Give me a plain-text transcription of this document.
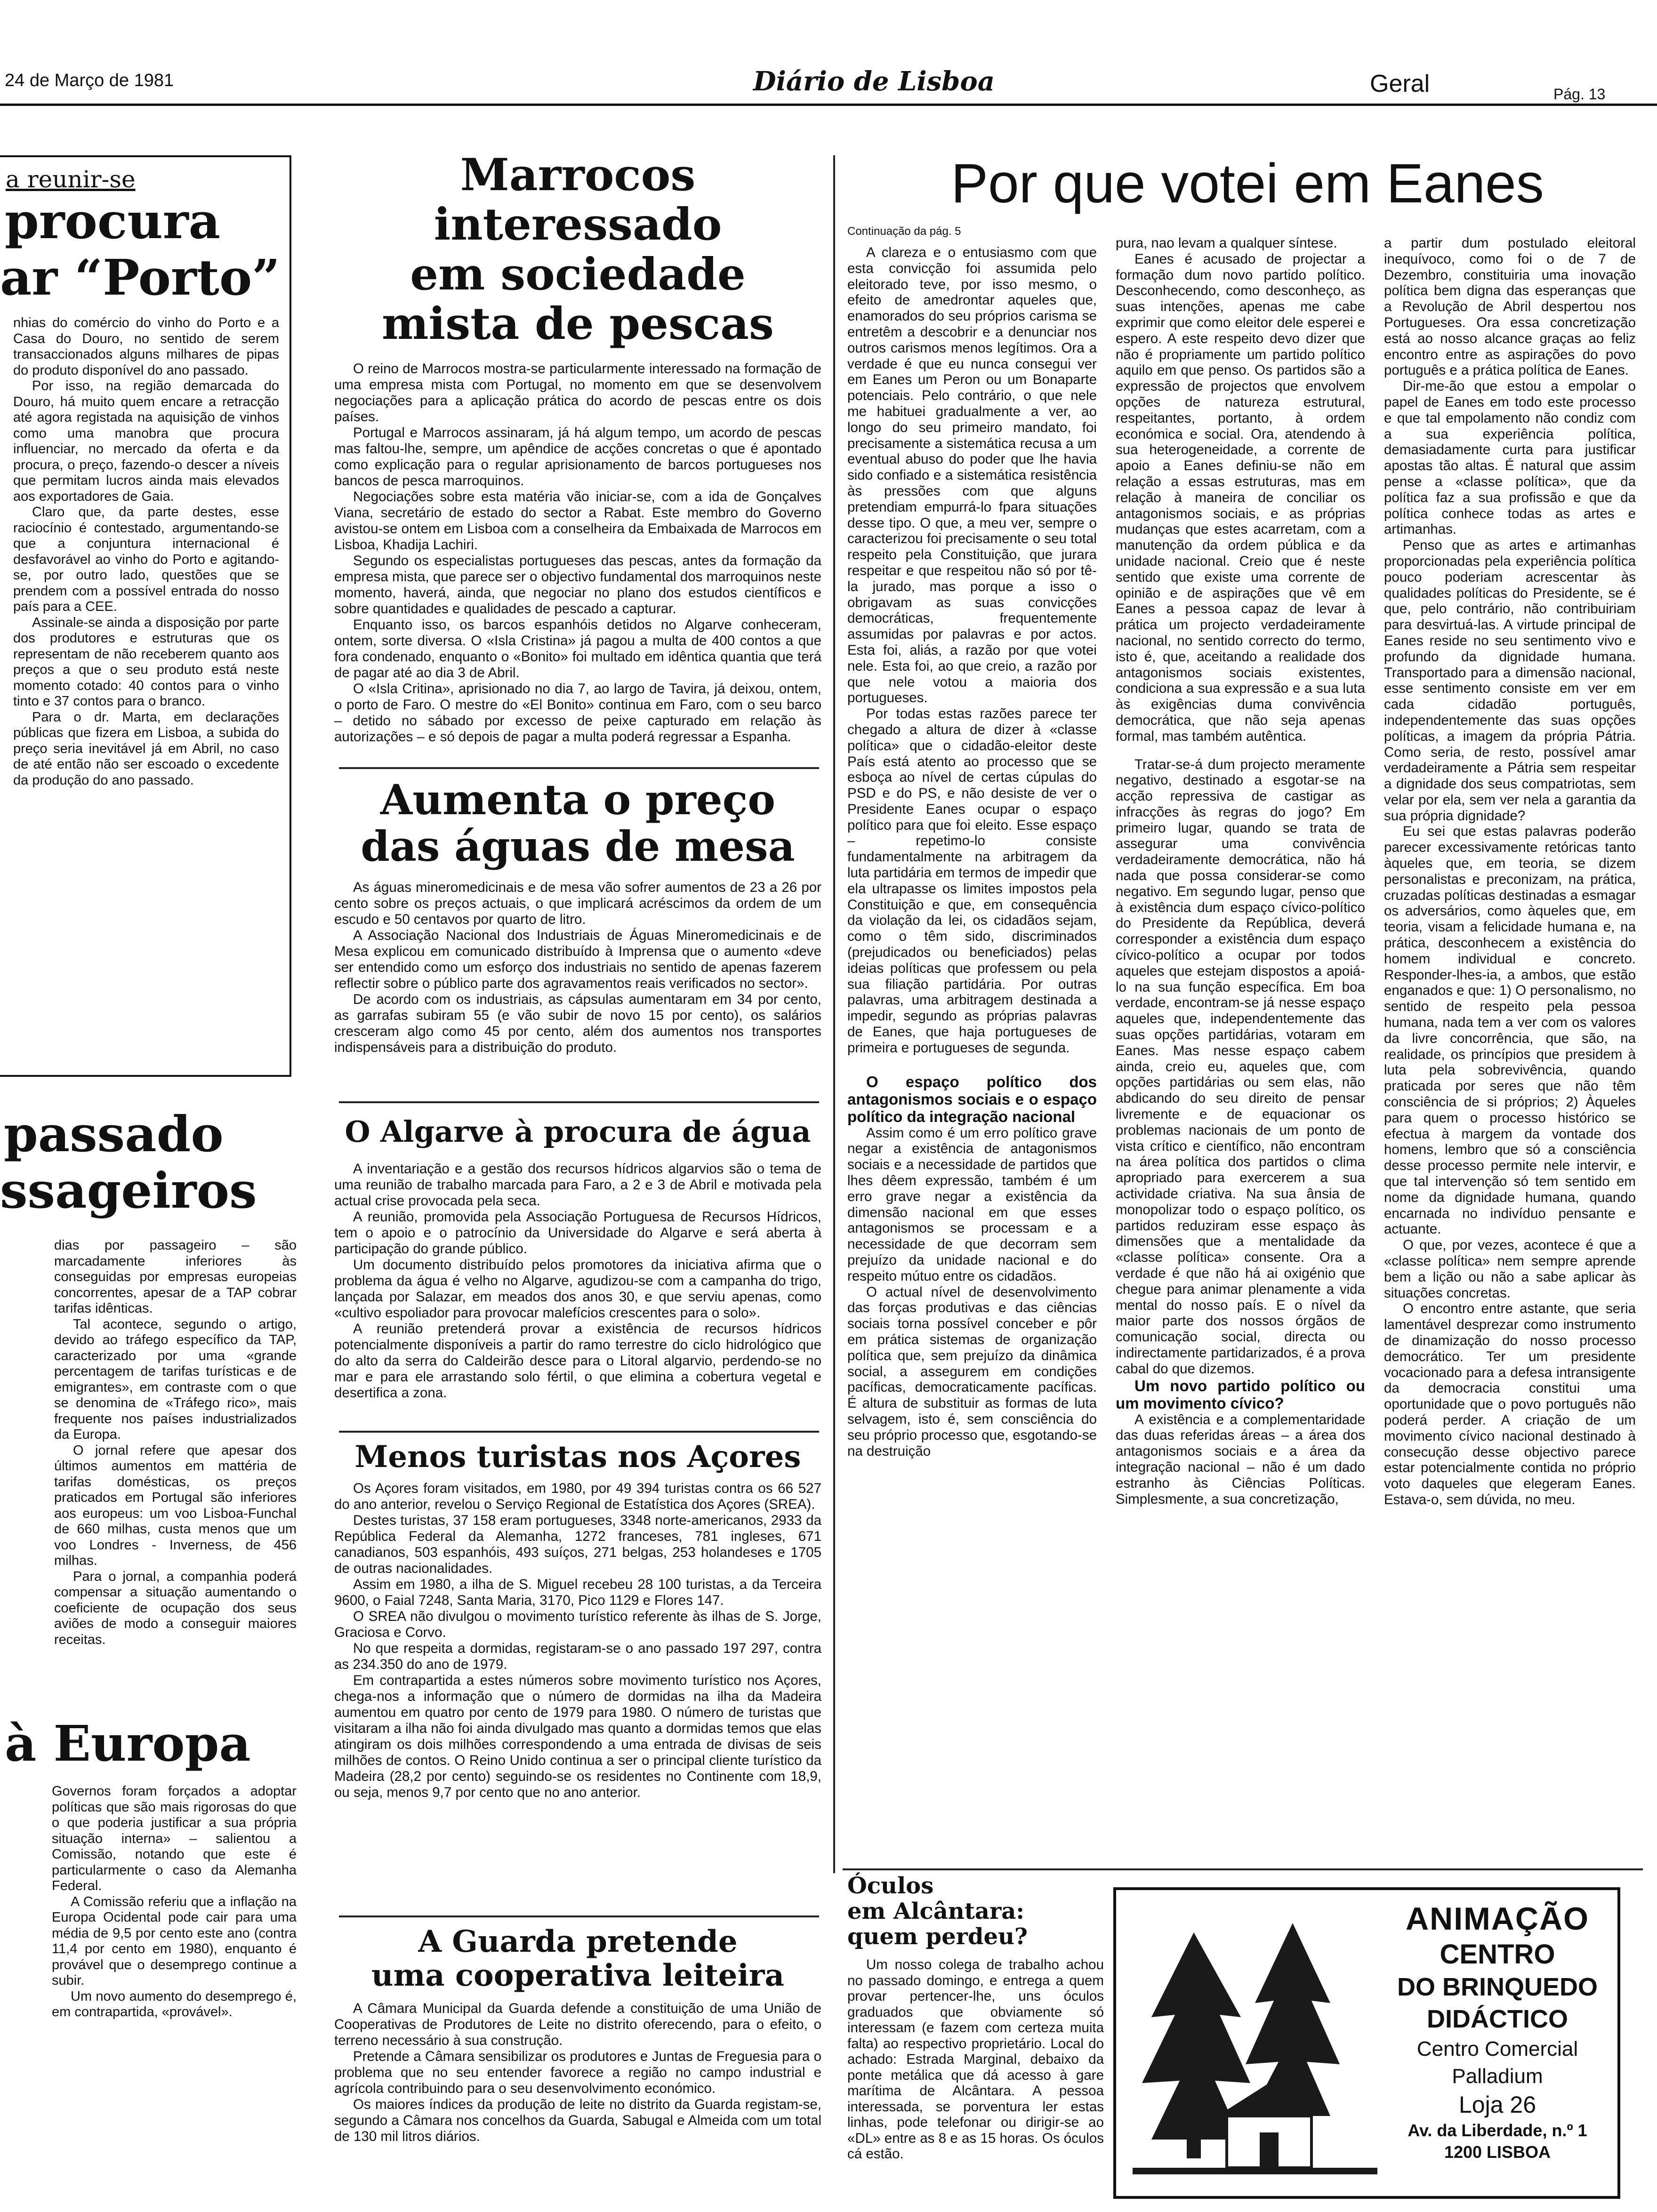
24 de Março de 1981	Diário de Lisboa	Geral	Pág. 13
a reunir-se
procura
ar “Porto”

nhias do comércio do vinho do Porto e a Casa do Douro, no sentido de serem transaccionados alguns milhares de pipas do produto disponível do ano passado.

Por isso, na região demarcada do Douro, há muito quem encare a retracção até agora registada na aquisição de vinhos como uma manobra que procura influenciar, no mercado da oferta e da procura, o preço, fazendo-o descer a níveis que permitam lucros ainda mais elevados aos exportadores de Gaia.

Claro que, da parte destes, esse raciocínio é contestado, argumentando-se que a conjuntura internacional é desfavorável ao vinho do Porto e agitando-se, por outro lado, questões que se prendem com a possível entrada do nosso país para a CEE.

Assinale-se ainda a disposição por parte dos produtores e estruturas que os representam de não receberem quanto aos preços a que o seu produto está neste momento cotado: 40 contos para o vinho tinto e 37 contos para o branco.

Para o dr. Marta, em declarações públicas que fizera em Lisboa, a subida do preço seria inevitável já em Abril, no caso de até então não ser escoado o excedente da produção do ano passado.

passado
ssageiros

dias por passageiro – são marcadamente inferiores às conseguidas por empresas europeias concorrentes, apesar de a TAP cobrar tarifas idênticas.

Tal acontece, segundo o artigo, devido ao tráfego específico da TAP, caracterizado por uma «grande percentagem de tarifas turísticas e de emigrantes», em contraste com o que se denomina de «Tráfego rico», mais frequente nos países industrializados da Europa.

O jornal refere que apesar dos últimos aumentos em mattéria de tarifas domésticas, os preços praticados em Portugal são inferiores aos europeus: um voo Lisboa-Funchal de 660 milhas, custa menos que um voo Londres - Inverness, de 456 milhas.

Para o jornal, a companhia poderá compensar a situação aumentando o coeficiente de ocupação dos seus aviões de modo a conseguir maiores receitas.

à Europa

Governos foram forçados a adoptar políticas que são mais rigorosas do que o que poderia justificar a sua própria situação interna» – salientou a Comissão, notando que este é particularmente o caso da Alemanha Federal.

A Comissão referiu que a inflação na Europa Ocidental pode cair para uma média de 9,5 por cento este ano (contra 11,4 por cento em 1980), enquanto é provável que o desemprego continue a subir.

Um novo aumento do desemprego é, em contrapartida, «provável».

Marrocos interessado
em sociedade
mista de pescas

O reino de Marrocos mostra-se particularmente interessado na formação de uma empresa mista com Portugal, no momento em que se desenvolvem negociações para a aplicação prática do acordo de pescas entre os dois países.

Portugal e Marrocos assinaram, já há algum tempo, um acordo de pescas mas faltou-lhe, sempre, um apêndice de acções concretas o que é apontado como explicação para o regular aprisionamento de barcos portugueses nos bancos de pesca marroquinos.

Negociações sobre esta matéria vão iniciar-se, com a ida de Gonçalves Viana, secretário de estado do sector a Rabat. Este membro do Governo avistou-se ontem em Lisboa com a conselheira da Embaixada de Marrocos em Lisboa, Khadija Lachiri.

Segundo os especialistas portugueses das pescas, antes da formação da empresa mista, que parece ser o objectivo fundamental dos marroquinos neste momento, haverá, ainda, que negociar no plano dos estudos científicos e sobre quantidades e qualidades de pescado a capturar.

Enquanto isso, os barcos espanhóis detidos no Algarve conheceram, ontem, sorte diversa. O «Isla Cristina» já pagou a multa de 400 contos a que fora condenado, enquanto o «Bonito» foi multado em idêntica quantia que terá de pagar até ao dia 3 de Abril.

O «Isla Critina», aprisionado no dia 7, ao largo de Tavira, já deixou, ontem, o porto de Faro. O mestre do «El Bonito» continua em Faro, com o seu barco – detido no sábado por excesso de peixe capturado em relação às autorizações – e só depois de pagar a multa poderá regressar a Espanha.

Aumenta o preço
das águas de mesa

As águas mineromedicinais e de mesa vão sofrer aumentos de 23 a 26 por cento sobre os preços actuais, o que implicará acréscimos da ordem de um escudo e 50 centavos por quarto de litro.

A Associação Nacional dos Industriais de Águas Mineromedicinais e de Mesa explicou em comunicado distribuído à Imprensa que o aumento «deve ser entendido como um esforço dos industriais no sentido de apenas fazerem reflectir sobre o público parte dos agravamentos reais verificados no sector».

De acordo com os industriais, as cápsulas aumentaram em 34 por cento, as garrafas subiram 55 (e vão subir de novo 15 por cento), os salários cresceram algo como 45 por cento, além dos aumentos nos transportes indispensáveis para a distribuição do produto.

O Algarve à procura de água

A inventariação e a gestão dos recursos hídricos algarvios são o tema de uma reunião de trabalho marcada para Faro, a 2 e 3 de Abril e motivada pela actual crise provocada pela seca.

A reunião, promovida pela Associação Portuguesa de Recursos Hídricos, tem o apoio e o patrocínio da Universidade do Algarve e será aberta à participação do grande público.

Um documento distribuído pelos promotores da iniciativa afirma que o problema da água é velho no Algarve, agudizou-se com a campanha do trigo, lançada por Salazar, em meados dos anos 30, e que serviu apenas, como «cultivo espoliador para provocar malefícios crescentes para o solo».

A reunião pretenderá provar a existência de recursos hídricos potencialmente disponíveis a partir do ramo terrestre do ciclo hidrológico que do alto da serra do Caldeirão desce para o Litoral algarvio, perdendo-se no mar e para ele arrastando solo fértil, o que elimina a cobertura vegetal e desertifica a zona.

Menos turistas nos Açores

Os Açores foram visitados, em 1980, por 49 394 turistas contra os 66 527 do ano anterior, revelou o Serviço Regional de Estatística dos Açores (SREA).

Destes turistas, 37 158 eram portugueses, 3348 norte-americanos, 2933 da República Federal da Alemanha, 1272 franceses, 781 ingleses, 671 canadianos, 503 espanhóis, 493 suíços, 271 belgas, 253 holandeses e 1705 de outras nacionalidades.

Assim em 1980, a ilha de S. Miguel recebeu 28 100 turistas, a da Terceira 9600, o Faial 7248, Santa Maria, 3170, Pico 1129 e Flores 147.

O SREA não divulgou o movimento turístico referente às ilhas de S. Jorge, Graciosa e Corvo.

No que respeita a dormidas, registaram-se o ano passado 197 297, contra as 234.350 do ano de 1979.

Em contrapartida a estes números sobre movimento turístico nos Açores, chega-nos a informação que o número de dormidas na ilha da Madeira aumentou em quatro por cento de 1979 para 1980. O número de turistas que visitaram a ilha não foi ainda divulgado mas quanto a dormidas temos que elas atingiram os dois milhões correspondendo a uma entrada de divisas de seis milhões de contos. O Reino Unido continua a ser o principal cliente turístico da Madeira (28,2 por cento) seguindo-se os residentes no Continente com 18,9, ou seja, menos 9,7 por cento que no ano anterior.

A Guarda pretende
uma cooperativa leiteira

A Câmara Municipal da Guarda defende a constituição de uma União de Cooperativas de Produtores de Leite no distrito oferecendo, para o efeito, o terreno necessário à sua construção.

Pretende a Câmara sensibilizar os produtores e Juntas de Freguesia para o problema que no seu entender favorece a região no campo industrial e agrícola contribuindo para o seu desenvolvimento económico.

Os maiores índices da produção de leite no distrito da Guarda registam-se, segundo a Câmara nos concelhos da Guarda, Sabugal e Almeida com um total de 130 mil litros diários.

Por que votei em Eanes
Continuação da pág. 5

A clareza e o entusiasmo com que esta convicção foi assumida pelo eleitorado teve, por isso mesmo, o efeito de amedrontar aqueles que, enamorados do seu próprios carisma se entretêm a descobrir e a denunciar nos outros carismos menos legítimos. Ora a verdade é que eu nunca consegui ver em Eanes um Peron ou um Bonaparte potenciais. Pelo contrário, o que nele me habituei gradualmente a ver, ao longo do seu primeiro mandato, foi precisamente a sistemática recusa a um eventual abuso do poder que lhe havia sido confiado e a sistemática resistência às pressões com que alguns pretendiam empurrá-lo fpara situações desse tipo. O que, a meu ver, sempre o caracterizou foi precisamente o seu total respeito pela Constituição, que jurara respeitar e que respeitou não só por tê-la jurado, mas porque a isso o obrigavam as suas convicções democráticas, frequentemente assumidas por palavras e por actos. Esta foi, aliás, a razão por que votei nele. Esta foi, ao que creio, a razão por que nele votou a maioria dos portugueses.

Por todas estas razões parece ter chegado a altura de dizer à «classe política» que o cidadão-eleitor deste País está atento ao processo que se esboça ao nível de certas cúpulas do PSD e do PS, e não desiste de ver o Presidente Eanes ocupar o espaço político para que foi eleito. Esse espaço – repetimo-lo consiste fundamentalmente na arbitragem da luta partidária em termos de impedir que ela ultrapasse os limites impostos pela Constituição e que, em consequência da violação da lei, os cidadãos sejam, como o têm sido, discriminados (prejudicados ou beneficiados) pelas ideias políticas que professem ou pela sua filiação partidária. Por outras palavras, uma arbitragem destinada a impedir, segundo as próprias palavras de Eanes, que haja portugueses de primeira e portugueses de segunda.

O espaço político dos antagonismos sociais e o espaço político da integração nacional

Assim como é um erro político grave negar a existência de antagonismos sociais e a necessidade de partidos que lhes dêem expressão, também é um erro grave negar a existência da dimensão nacional em que esses antagonismos se processam e a necessidade de que decorram sem prejuízo da unidade nacional e do respeito mútuo entre os cidadãos.

O actual nível de desenvolvimento das forças produtivas e das ciências sociais torna possível conceber e pôr em prática sistemas de organização política que, sem prejuízo da dinâmica social, a assegurem em condições pacíficas, democraticamente pacíficas. É altura de substituir as formas de luta selvagem, isto é, sem consciência do seu próprio processo que, esgotando-se na destruição

pura, nao levam a qualquer síntese.

Eanes é acusado de projectar a formação dum novo partido político. Desconhecendo, como desconheço, as suas intenções, apenas me cabe exprimir que como eleitor dele esperei e espero. A este respeito devo dizer que não é propriamente um partido político aquilo em que penso. Os partidos são a expressão de projectos que envolvem opções de natureza estrutural, respeitantes, portanto, à ordem económica e social. Ora, atendendo à sua heterogeneidade, a corrente de apoio a Eanes definiu-se não em relação a essas estruturas, mas em relação à maneira de conciliar os antagonismos sociais, e as próprias mudanças que estes acarretam, com a manutenção da ordem pública e da unidade nacional. Creio que é neste sentido que existe uma corrente de opinião e de aspirações que vê em Eanes a pessoa capaz de levar à prática um projecto verdadeiramente nacional, no sentido correcto do termo, isto é, que, aceitando a realidade dos antagonismos sociais existentes, condiciona a sua expressão e a sua luta às exigências duma convivência democrática, que não seja apenas formal, mas também autêntica.

Tratar-se-á dum projecto meramente negativo, destinado a esgotar-se na acção repressiva de castigar as infracções às regras do jogo? Em primeiro lugar, quando se trata de assegurar uma convivência verdadeiramente democrática, não há nada que possa considerar-se como negativo. Em segundo lugar, penso que à existência dum espaço cívico-político do Presidente da República, deverá corresponder a existência dum espaço cívico-político a ocupar por todos aqueles que estejam dispostos a apoiá-lo na sua função específica. Em boa verdade, encontram-se já nesse espaço aqueles que, independentemente das suas opções partidárias, votaram em Eanes. Mas nesse espaço cabem ainda, creio eu, aqueles que, com opções partidárias ou sem elas, não abdicando do seu direito de pensar livremente e de equacionar os problemas nacionais de um ponto de vista crítico e científico, não encontram na área política dos partidos o clima apropriado para exercerem a sua actividade criativa. Na sua ânsia de monopolizar todo o espaço político, os partidos reduziram esse espaço às dimensões que a mentalidade da «classe política» consente. Ora a verdade é que não há ai oxigénio que chegue para animar plenamente a vida mental do nosso país. E o nível da maior parte dos nossos órgãos de comunicação social, directa ou indirectamente partidarizados, é a prova cabal do que dizemos.

Um novo partido político ou um movimento cívico?

A existência e a complementaridade das duas referidas áreas – a área dos antagonismos sociais e a área da integração nacional – não é um dado estranho às Ciências Políticas. Simplesmente, a sua concretização,

a partir dum postulado eleitoral inequívoco, como foi o de 7 de Dezembro, constituiria uma inovação política bem digna das esperanças que a Revolução de Abril despertou nos Portugueses. Ora essa concretização está ao nosso alcance graças ao feliz encontro entre as aspirações do povo português e a prática política de Eanes.

Dir-me-ão que estou a empolar o papel de Eanes em todo este processo e que tal empolamento não condiz com a sua experiência política, demasiadamente curta para justificar apostas tão altas. É natural que assim pense a «classe política», que da política faz a sua profissão e que da política conhece todas as artes e artimanhas.

Penso que as artes e artimanhas proporcionadas pela experiência política pouco poderiam acrescentar às qualidades políticas do Presidente, se é que, pelo contrário, não contribuiriam para desvirtuá-las. A virtude principal de Eanes reside no seu sentimento vivo e profundo da dignidade humana. Transportado para a dimensão nacional, esse sentimento consiste em ver em cada cidadão português, independentemente das suas opções políticas, a imagem da própria Pátria. Como seria, de resto, possível amar verdadeiramente a Pátria sem respeitar a dignidade dos seus compatriotas, sem velar por ela, sem ver nela a garantia da sua própria dignidade?

Eu sei que estas palavras poderão parecer excessivamente retóricas tanto àqueles que, em teoria, se dizem personalistas e preconizam, na prática, cruzadas políticas destinadas a esmagar os adversários, como àqueles que, em teoria, visam a felicidade humana e, na prática, desconhecem a existência do homem individual e concreto. Responder-lhes-ia, a ambos, que estão enganados e que: 1) O personalismo, no sentido de respeito pela pessoa humana, nada tem a ver com os valores da livre concorrência, que são, na realidade, os princípios que presidem à luta pela sobrevivência, quando praticada por seres que não têm consciência de si próprios; 2) Àqueles para quem o processo histórico se efectua à margem da vontade dos homens, lembro que só a consciência desse processo permite nele intervir, e que tal intervenção só tem sentido em nome da dignidade humana, quando encarnada no indivíduo pensante e actuante.

O que, por vezes, acontece é que a «classe política» nem sempre aprende bem a lição ou não a sabe aplicar às situações concretas.

O encontro entre astante, que seria lamentável desprezar como instrumento de dinamização do nosso processo democrático. Ter um presidente vocacionado para a defesa intransigente da democracia constitui uma oportunidade que o povo português não poderá perder. A criação de um movimento cívico nacional destinado à consecução desse objectivo parece estar potencialmente contida no próprio voto daqueles que elegeram Eanes. Estava-o, sem dúvida, no meu.

Óculos
em Alcântara:
quem perdeu?

Um nosso colega de trabalho achou no passado domingo, e entrega a quem provar pertencer-lhe, uns óculos graduados que obviamente só interessam (e fazem com certeza muita falta) ao respectivo proprietário. Local do achado: Estrada Marginal, debaixo da ponte metálica que dá acesso à gare marítima de Alcântara. A pessoa interessada, se porventura ler estas linhas, pode telefonar ou dirigir-se ao «DL» entre as 8 e as 15 horas. Os óculos cá estão.

ANIMAÇÃO
CENTRO
DO BRINQUEDO
DIDÁCTICO
Centro Comercial
Palladium
Loja 26
Av. da Liberdade, n.º 1
1200 LISBOA
